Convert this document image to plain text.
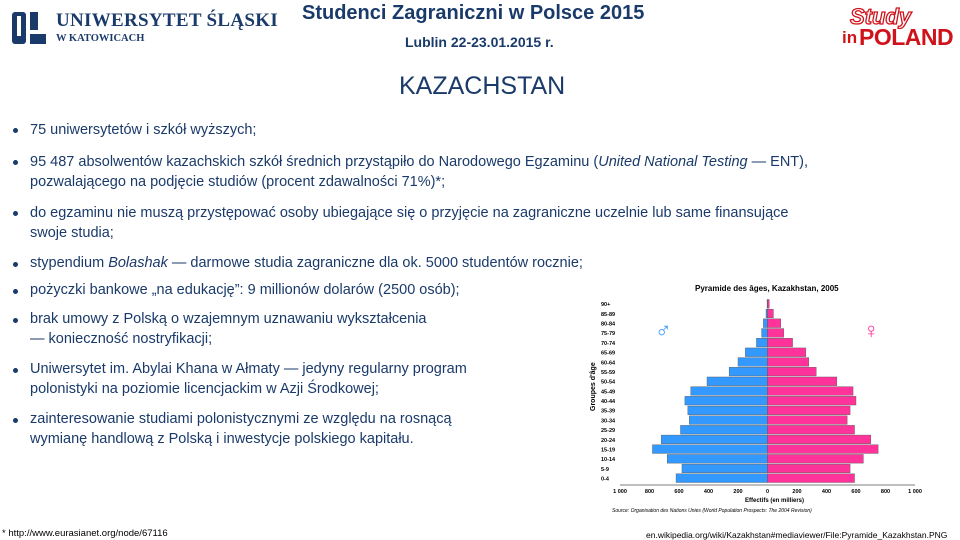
UNIWERSYTET ŚLĄSKI
W KATOWICACH
Studenci Zagraniczni w Polsce 2015
Lublin 22-23.01.2015 r.
KAZACHSTAN
Study
in POLAND
75 uniwersytetów i szkół wyższych;
95 487 absolwentów kazachskich szkół średnich przystąpiło do Narodowego Egzaminu (United National Testing ― ENT),
pozwalającego na podjęcie studiów (procent zdawalności 71%)*;
do egzaminu nie muszą przystępować osoby ubiegające się o przyjęcie na zagraniczne uczelnie lub same finansujące
swoje studia;
stypendium Bolashak ― darmowe studia zagraniczne dla ok. 5000 studentów rocznie;
pożyczki bankowe „na edukację”: 9 millionów dolarów (2500 osób);
brak umowy z Polską o wzajemnym uznawaniu wykształcenia
― konieczność nostryfikacji;
Uniwersytet im. Abylai Khana w Ałmaty ― jedyny regularny program
polonistyki na poziomie licencjackim w Azji Środkowej;
zainteresowanie studiami polonistycznymi ze względu na rosnącą
wymianę handlową z Polską i inwestycje polskiego kapitału.
Pyramide des âges, Kazakhstan, 2005
Groupes d'âge
♂	♀
90+
85-89
80-84
75-79
70-74
65-69
60-64
55-59
50-54
45-49
40-44
35-39
30-34
25-29
20-24
15-19
10-14
5-9
0-4
1 000	800	600	400	200	0	200	400	600	800	1 000
Effectifs (en milliers)
Source: Organisation des Nations Unies (World Population Prospects: The 2004 Revision)
* http://www.eurasianet.org/node/67116	en.wikipedia.org/wiki/Kazakhstan#mediaviewer/File:Pyramide_Kazakhstan.PNG
